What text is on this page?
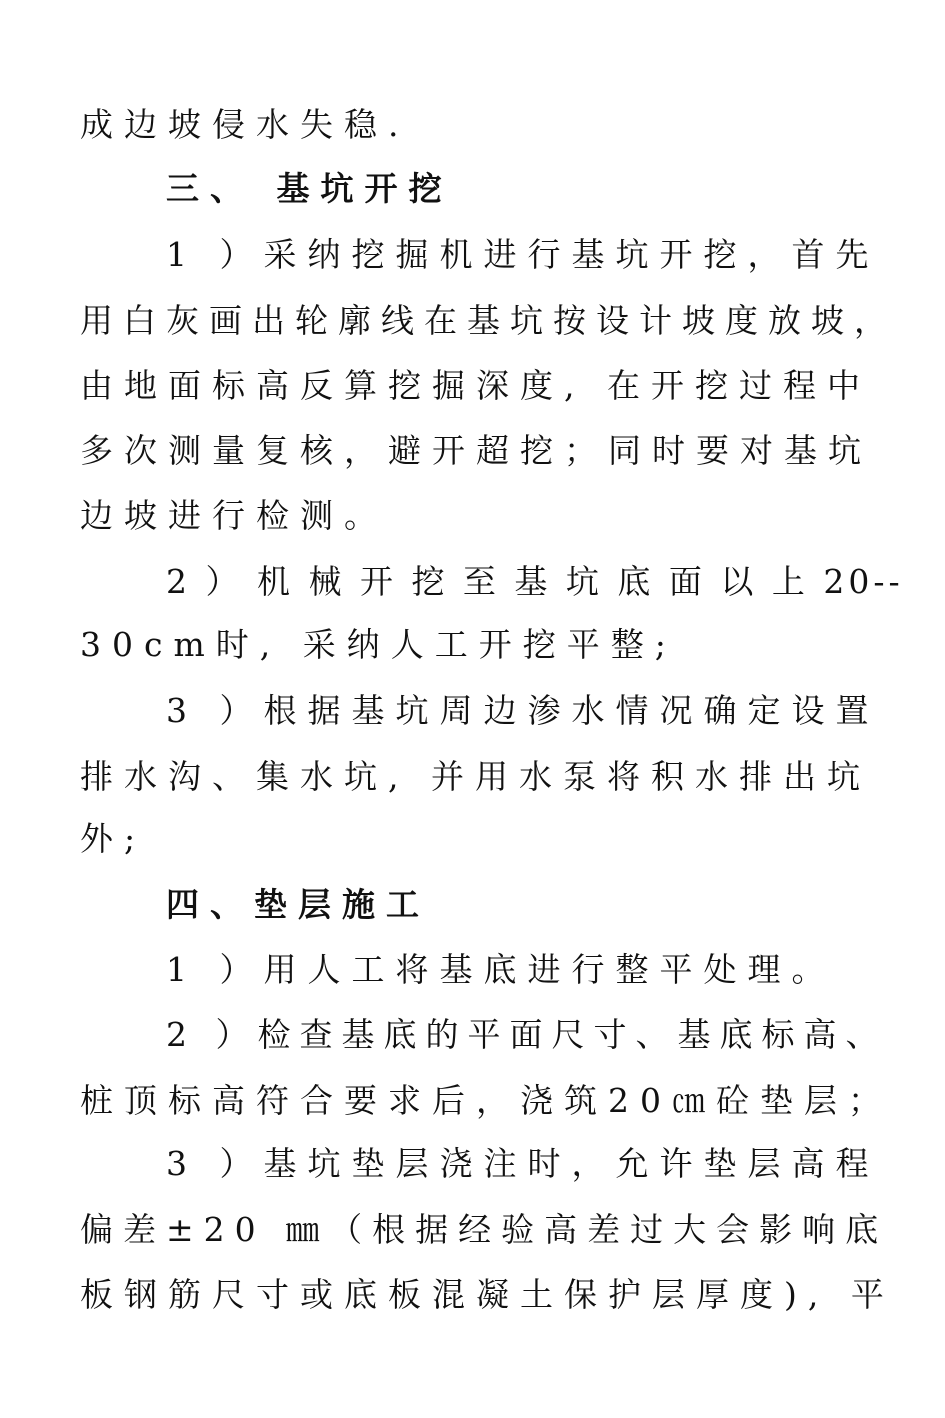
成边坡侵水失稳.
三、 基坑开挖
1 ）采纳挖掘机进行基坑开挖，首先
用白灰画出轮廓线在基坑按设计坡度放坡，
由地面标高反算挖掘深度, 在开挖过程中
多次测量复核，避开超挖；同时要对基坑
边坡进行检测。
2 ） 机 械 开 挖 至 基 坑 底 面 以 上 20--
30cm时, 采纳人工开挖平整;
3 ）根据基坑周边渗水情况确定设置
排水沟、集水坑, 并用水泵将积水排出坑
外;
四、垫层施工
1 ）用人工将基底进行整平处理。
2 ）检查基底的平面尺寸、基底标高、
桩顶标高符合要求后，浇筑20㎝砼垫层；
3 ）基坑垫层浇注时，允许垫层高程
偏差±20 ㎜（根据经验高差过大会影响底
板钢筋尺寸或底板混凝土保护层厚度), 平
